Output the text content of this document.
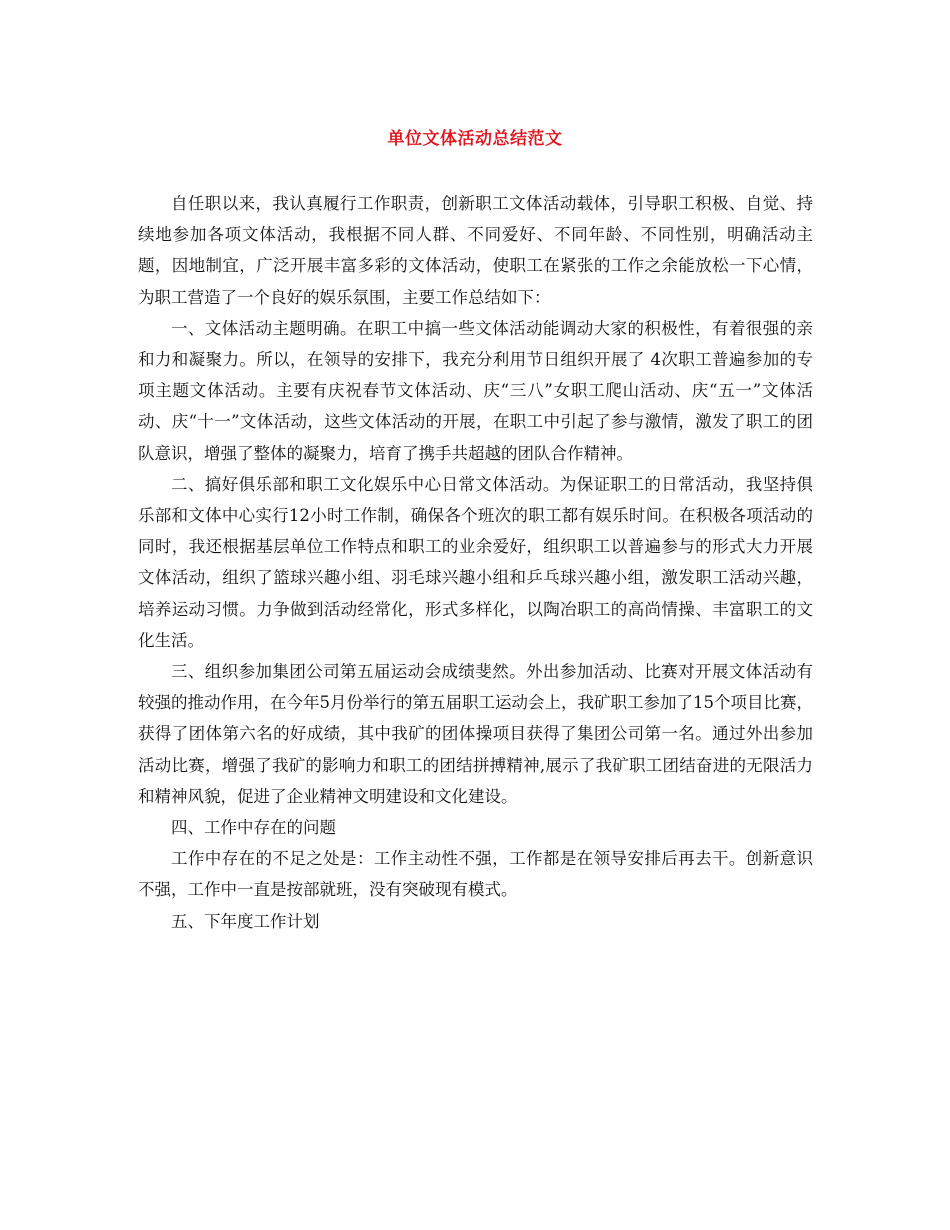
单位文体活动总结范文

自任职以来，我认真履行工作职责，创新职工文体活动载体，引导职工积极、自觉、持续地参加各项文体活动，我根据不同人群、不同爱好、不同年龄、不同性别，明确活动主题，因地制宜，广泛开展丰富多彩的文体活动，使职工在紧张的工作之余能放松一下心情，为职工营造了一个良好的娱乐氛围，主要工作总结如下：

一、文体活动主题明确。在职工中搞一些文体活动能调动大家的积极性，有着很强的亲和力和凝聚力。所以，在领导的安排下，我充分利用节日组织开展了 4次职工普遍参加的专项主题文体活动。主要有庆祝春节文体活动、庆“三八”女职工爬山活动、庆“五一”文体活动、庆“十一”文体活动，这些文体活动的开展，在职工中引起了参与激情，激发了职工的团队意识，增强了整体的凝聚力，培育了携手共超越的团队合作精神。

二、搞好俱乐部和职工文化娱乐中心日常文体活动。为保证职工的日常活动，我坚持俱乐部和文体中心实行12小时工作制，确保各个班次的职工都有娱乐时间。在积极各项活动的同时，我还根据基层单位工作特点和职工的业余爱好，组织职工以普遍参与的形式大力开展文体活动，组织了篮球兴趣小组、羽毛球兴趣小组和乒乓球兴趣小组，激发职工活动兴趣，培养运动习惯。力争做到活动经常化，形式多样化，以陶冶职工的高尚情操、丰富职工的文化生活。

三、组织参加集团公司第五届运动会成绩斐然。外出参加活动、比赛对开展文体活动有较强的推动作用，在今年5月份举行的第五届职工运动会上，我矿职工参加了15个项目比赛，获得了团体第六名的好成绩，其中我矿的团体操项目获得了集团公司第一名。通过外出参加活动比赛，增强了我矿的影响力和职工的团结拼搏精神,展示了我矿职工团结奋进的无限活力和精神风貌，促进了企业精神文明建设和文化建设。

四、工作中存在的问题

工作中存在的不足之处是：工作主动性不强，工作都是在领导安排后再去干。创新意识不强，工作中一直是按部就班，没有突破现有模式。

五、下年度工作计划
